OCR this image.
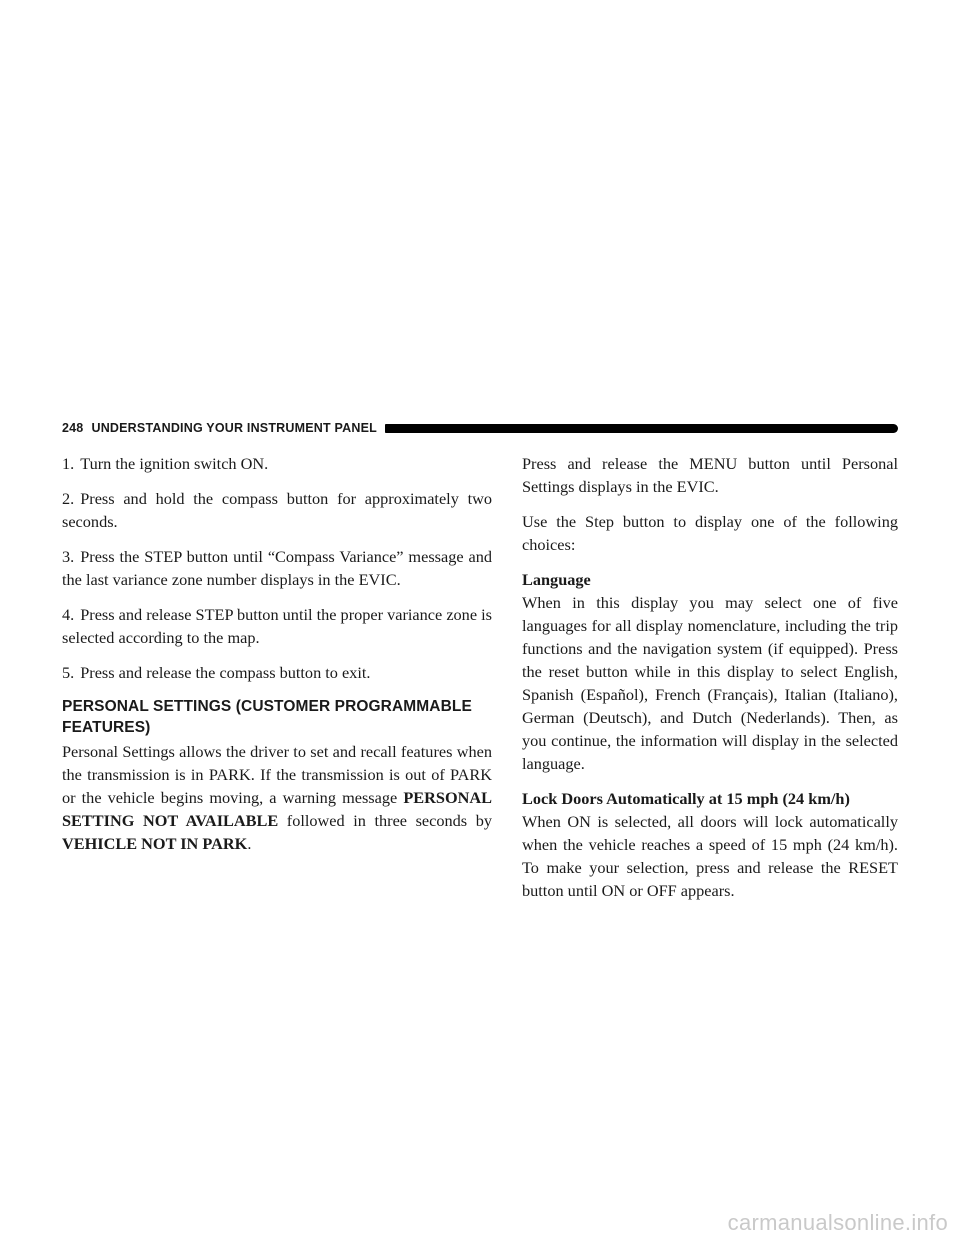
248 UNDERSTANDING YOUR INSTRUMENT PANEL

1. Turn the ignition switch ON.

2. Press and hold the compass button for approximately two seconds.

3. Press the STEP button until “Compass Variance” message and the last variance zone number displays in the EVIC.

4. Press and release STEP button until the proper variance zone is selected according to the map.

5. Press and release the compass button to exit.

PERSONAL SETTINGS (CUSTOMER PROGRAMMABLE FEATURES)

Personal Settings allows the driver to set and recall features when the transmission is in PARK. If the transmission is out of PARK or the vehicle begins moving, a warning message PERSONAL SETTING NOT AVAILABLE followed in three seconds by VEHICLE NOT IN PARK.

Press and release the MENU button until Personal Settings displays in the EVIC.

Use the Step button to display one of the following choices:

Language

When in this display you may select one of five languages for all display nomenclature, including the trip functions and the navigation system (if equipped). Press the reset button while in this display to select English, Spanish (Español), French (Français), Italian (Italiano), German (Deutsch), and Dutch (Nederlands). Then, as you continue, the information will display in the selected language.

Lock Doors Automatically at 15 mph (24 km/h)

When ON is selected, all doors will lock automatically when the vehicle reaches a speed of 15 mph (24 km/h). To make your selection, press and release the RESET button until ON or OFF appears.

carmanualsonline.info
